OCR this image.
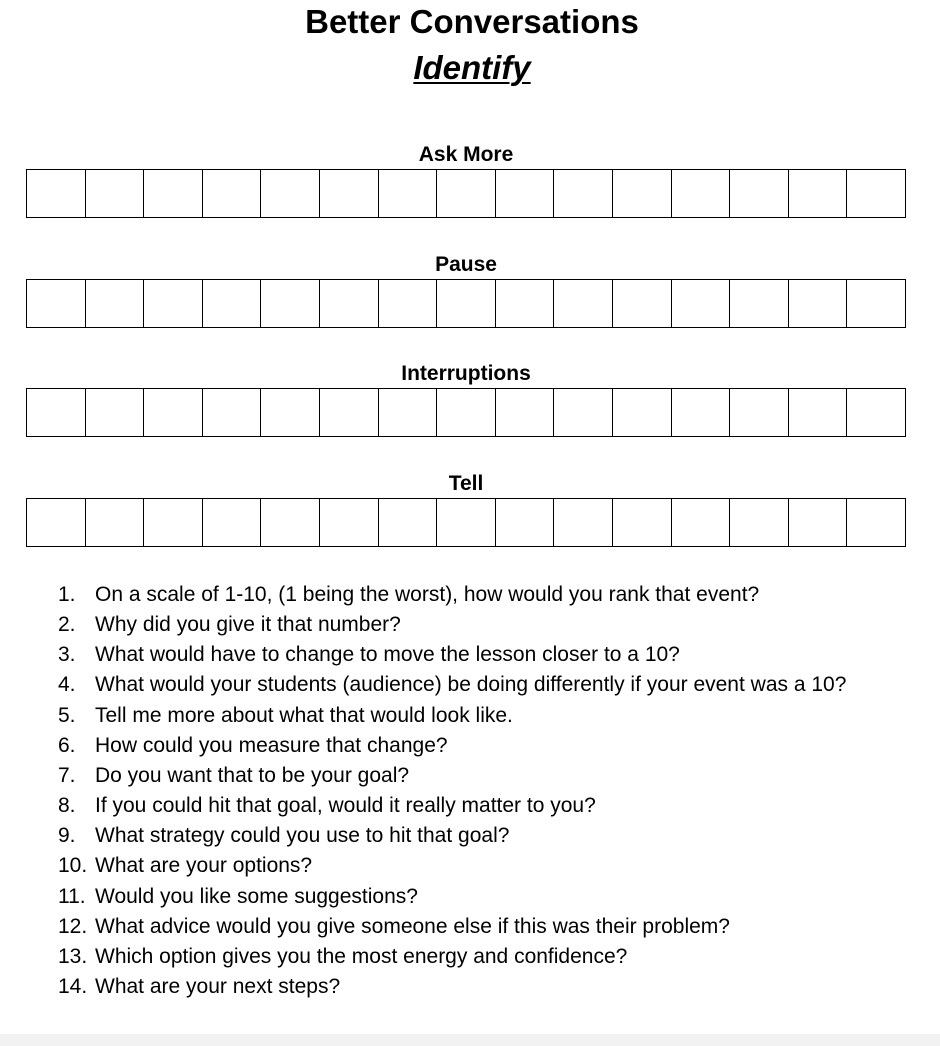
Better Conversations
Identify
Ask More
Pause
Interruptions
Tell
1. On a scale of 1-10, (1 being the worst), how would you rank that event?
2. Why did you give it that number?
3. What would have to change to move the lesson closer to a 10?
4. What would your students (audience) be doing differently if your event was a 10?
5. Tell me more about what that would look like.
6. How could you measure that change?
7. Do you want that to be your goal?
8. If you could hit that goal, would it really matter to you?
9. What strategy could you use to hit that goal?
10. What are your options?
11. Would you like some suggestions?
12. What advice would you give someone else if this was their problem?
13. Which option gives you the most energy and confidence?
14. What are your next steps?
